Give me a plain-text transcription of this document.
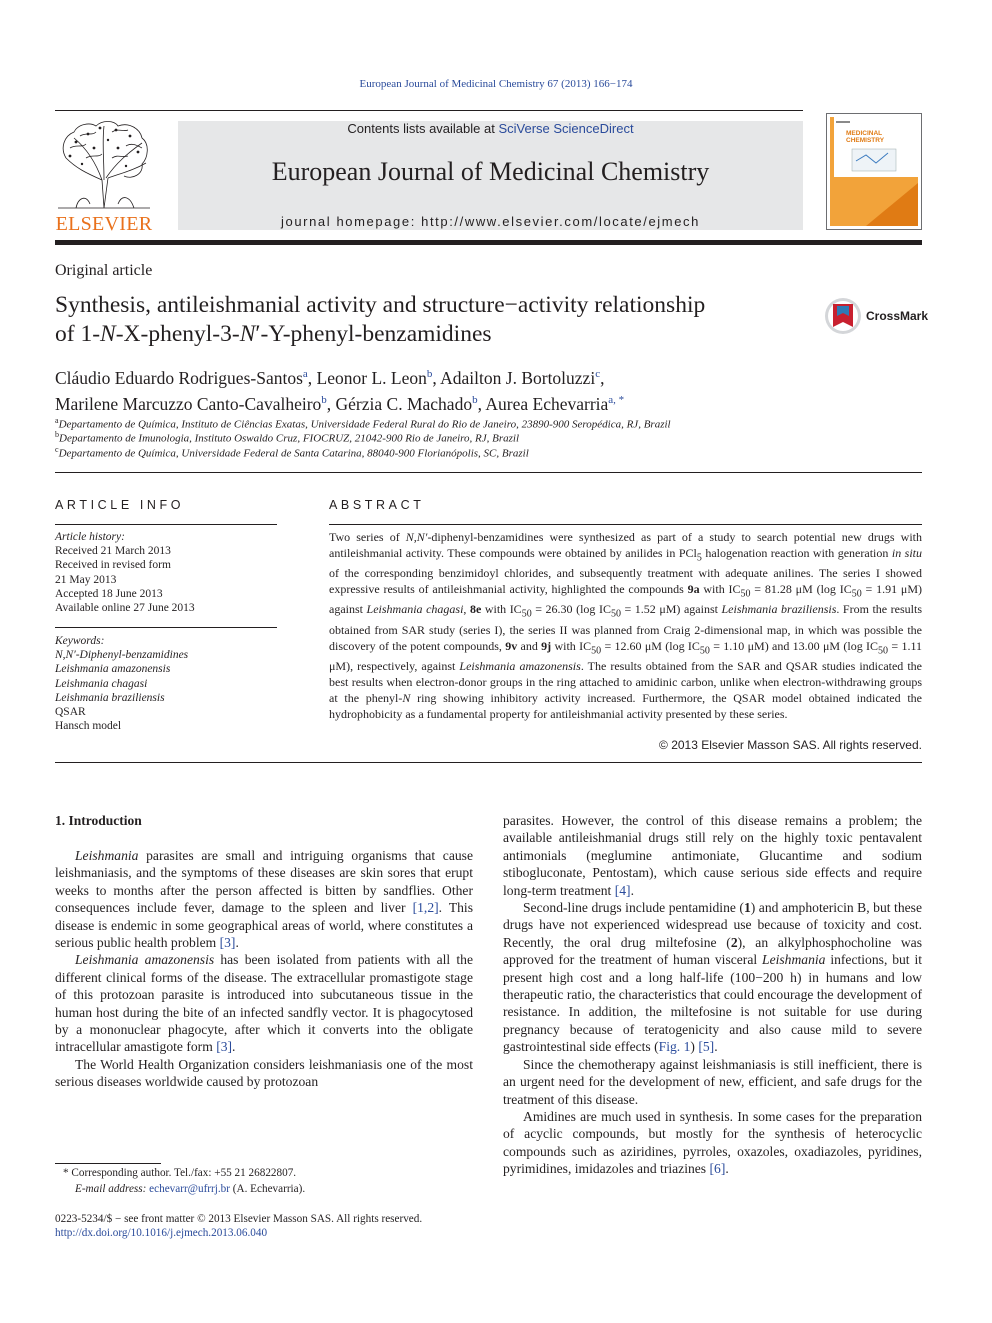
European Journal of Medicinal Chemistry 67 (2013) 166−174
ELSEVIER
Contents lists available at SciVerse ScienceDirect
European Journal of Medicinal Chemistry
journal homepage: http://www.elsevier.com/locate/ejmech
MEDICINAL
CHEMISTRY
Original article
Synthesis, antileishmanial activity and structure−activity relationship
of 1-N-X-phenyl-3-N′-Y-phenyl-benzamidines
CrossMark
Cláudio Eduardo Rodrigues-Santos$^a$, Leonor L. Leon$^b$, Adailton J. Bortoluzzi$^c$,
Marilene Marcuzzo Canto-Cavalheiro$^b$, Gérzia C. Machado$^b$, Aurea Echevarria$^{a, *}$
$^a$Departamento de Química, Instituto de Ciências Exatas, Universidade Federal Rural do Rio de Janeiro, 23890-900 Seropédica, RJ, Brazil
$^b$Departamento de Imunologia, Instituto Oswaldo Cruz, FIOCRUZ, 21042-900 Rio de Janeiro, RJ, Brazil
$^c$Departamento de Química, Universidade Federal de Santa Catarina, 88040-900 Florianópolis, SC, Brazil
ARTICLE INFO
Article history:
Received 21 March 2013
Received in revised form
21 May 2013
Accepted 18 June 2013
Available online 27 June 2013
Keywords:
N,N′-Diphenyl-benzamidines
Leishmania amazonensis
Leishmania chagasi
Leishmania braziliensis
QSAR
Hansch model
ABSTRACT
Two series of N,N′-diphenyl-benzamidines were synthesized as part of a study to search potential new drugs with antileishmanial activity. These compounds were obtained by anilides in PCl$_5$ halogenation reaction with generation in situ of the corresponding benzimidoyl chlorides, and subsequently treatment with adequate anilines. The series I showed expressive results of antileishmanial activity, highlighted the compounds 9a with $IC_{50} = 81.28$ μM (log $IC_{50} = 1.91$ μM) against Leishmania chagasi, 8e with $IC_{50} = 26.30$ (log $IC_{50} = 1.52$ μM) against Leishmania braziliensis. From the results obtained from SAR study (series I), the series II was planned from Craig 2-dimensional map, in which was possible the discovery of the potent compounds, 9v and 9j with $IC_{50} = 12.60$ μM (log $IC_{50} = 1.10$ μM) and 13.00 μM (log $IC_{50} = 1.11$ μM), respectively, against Leishmania amazonensis. The results obtained from the SAR and QSAR studies indicated the best results when electron-donor groups in the ring attached to amidinic carbon, unlike when electron-withdrawing groups at the phenyl-N ring showing inhibitory activity increased. Furthermore, the QSAR model obtained indicated the hydrophobicity as a fundamental property for antileishmanial activity presented by these series.
© 2013 Elsevier Masson SAS. All rights reserved.
1. Introduction

Leishmania parasites are small and intriguing organisms that cause leishmaniasis, and the symptoms of these diseases are skin sores that erupt weeks to months after the person affected is bitten by sandflies. Other consequences include fever, damage to the spleen and liver [1,2]. This disease is endemic in some geographical areas of world, where constitutes a serious public health problem [3].

Leishmania amazonensis has been isolated from patients with all the different clinical forms of the disease. The extracellular promastigote stage of this protozoan parasite is introduced into subcutaneous tissue in the human host during the bite of an infected sandfly vector. It is phagocytosed by a mononuclear phagocyte, after which it converts into the obligate intracellular amastigote form [3].

The World Health Organization considers leishmaniasis one of the most serious diseases worldwide caused by protozoan

parasites. However, the control of this disease remains a problem; the available antileishmanial drugs still rely on the highly toxic pentavalent antimonials (meglumine antimoniate, Glucantime and sodium stibogluconate, Pentostam), which cause serious side effects and require long-term treatment [4].

Second-line drugs include pentamidine (1) and amphotericin B, but these drugs have not experienced widespread use because of toxicity and cost. Recently, the oral drug miltefosine (2), an alkylphosphocholine was approved for the treatment of human visceral Leishmania infections, but it present high cost and a long half-life (100−200 h) in humans and low therapeutic ratio, the characteristics that could encourage the development of resistance. In addition, the miltefosine is not suitable for use during pregnancy because of teratogenicity and also cause mild to severe gastrointestinal side effects (Fig. 1) [5].

Since the chemotherapy against leishmaniasis is still inefficient, there is an urgent need for the development of new, efficient, and safe drugs for the treatment of this disease.

Amidines are much used in synthesis. In some cases for the preparation of acyclic compounds, but mostly for the synthesis of heterocyclic compounds such as aziridines, pyrroles, oxazoles, oxadiazoles, pyridines, pyrimidines, imidazoles and triazines [6].

* Corresponding author. Tel./fax: +55 21 26822807.
E-mail address: echevarr@ufrrj.br (A. Echevarria).
0223-5234/$ − see front matter © 2013 Elsevier Masson SAS. All rights reserved.
http://dx.doi.org/10.1016/j.ejmech.2013.06.040
